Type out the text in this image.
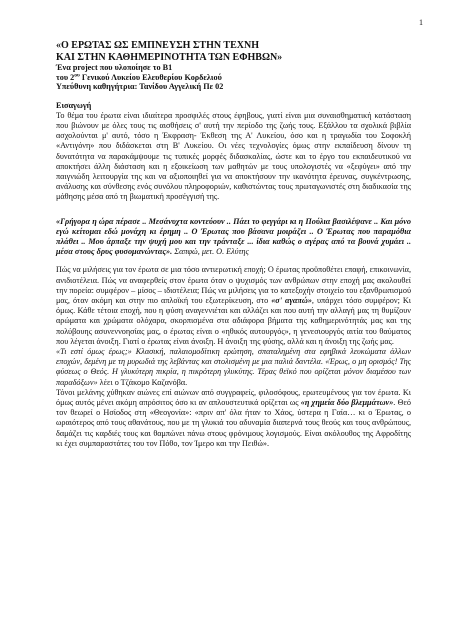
1

«Ο ΕΡΩΤΑΣ ΩΣ ΕΜΠΝΕΥΣΗ ΣΤΗΝ ΤΕΧΝΗ

ΚΑΙ ΣΤΗΝ ΚΑΘΗΜΕΡΙΝΟΤΗΤΑ ΤΩΝ ΕΦΗΒΩΝ»

Ένα project που υλοποίησε το Β1

του $2^{o\upsilon}$ Γενικού Λυκείου Ελευθερίου Κορδελιού

Υπεύθυνη καθηγήτρια: Τανίδου Αγγελική Πε 02

Εισαγωγή

Το θέμα του έρωτα είναι ιδιαίτερα προσφιλές στους έφηβους, γιατί είναι μια συναισθηματική κατάσταση που βιώνουν με όλες τους τις αισθήσεις σ' αυτή την περίοδο της ζωής τους. Εξάλλου τα σχολικά βιβλία ασχολούνται μ' αυτό, τόσο η Έκφραση- Έκθεση της Α' Λυκείου, όσο και η τραγωδία του Σοφοκλή «Αντιγόνη» που διδάσκεται στη Β' Λυκείου. Οι νέες τεχνολογίες όμως στην εκπαίδευση δίνουν τη δυνατότητα να παρακάμψουμε τις τυπικές μορφές διδασκαλίας, ώστε και το έργο του εκπαιδευτικού να αποκτήσει άλλη διάσταση και η εξοικείωση των μαθητών με τους υπολογιστές να «ξεφύγει» από την παιγνιώδη λειτουργία της και να αξιοποιηθεί για να αποκτήσουν την ικανότητα έρευνας, συγκέντρωσης, ανάλυσης και σύνθεσης ενός συνόλου πληροφοριών, καθιστώντας τους πρωταγωνιστές στη διαδικασία της μάθησης μέσα από τη βιωματική προσέγγισή της.

«Γρήγορα η ώρα πέρασε .. Μεσάνυχτα κοντεύουν .. Πάει το φεγγάρι κι η Πούλια βασιλέψανε .. Και μόνο εγώ κείτομαι εδώ μονάχη κι έρημη .. Ο Έρωτας που βάσανα μοιράζει .. Ο Έρωτας που παραμόθια πλάθει .. Μου άρπαξε την ψυχή μου και την τράνταξε ... ίδια καθώς ο αγέρας από τα βουνά χυμάει .. μέσα στους δρυς φυσομανώντας». Σαπφώ, μετ. Ο. Ελύτης

Πώς να μιλήσεις για τον έρωτα σε μια τόσο αντιερωτική εποχή; Ο έρωτας προϋποθέτει επαφή, επικοινωνία, ανιδιοτέλεια. Πώς να αναφερθείς στον έρωτα όταν ο ψυχισμός των ανθρώπων στην εποχή μας ακολουθεί την πορεία: συμφέρον – μίσος – ιδιοτέλεια; Πώς να μιλήσεις για το κατεξοχήν στοιχείο του εξανθρωπισμού μας, όταν ακόμη και στην πιο απλοϊκή του εξωτερίκευση, στο «σ' αγαπώ», υπάρχει τόσο συμφέρον; Κι όμως. Κάθε τέτοια εποχή, που η φύση αναγεννιέται και αλλάζει και που αυτή την αλλαγή μας τη θυμίζουν αρώματα και χρώματα ολόχαρα, σκορπισμένα στα αδιάφορα βήματα της καθημερινότητάς μας και της πολύβουης ασυνεννοησίας μας, ο έρωτας είναι ο «ηθικός αυτουργός», η γενεσιουργός αιτία του θαύματος που λέγεται άνοιξη. Γιατί ο έρωτας είναι άνοιξη. Η άνοιξη της φύσης, αλλά και η άνοιξη της ζωής μας.

«Τι εστί όμως έρως;» Κλασική, παλαιομοδίτικη ερώτηση, σπαταλημένη στα εφηβικά λευκώματα άλλων εποχών, δεμένη με τη μυρωδιά της λεβάντας και στολισμένη με μια παλιά δαντέλα. «Έρως, ο μη ορισμός! Της φύσεως ο Θεός. Η γλυκύτερη πικρία, η πικρότερη γλυκύτης. Τέρας θεϊκό που ορίζεται μόνον διαμέσου των παραδόξων» λέει ο Τζάκομο Καζανόβα.

Τόνοι μελάνης χύθηκαν αιώνες επί αιώνων από συγγραφείς, φιλοσόφους, ερωτευμένους για τον έρωτα. Κι όμως αυτός μένει ακόμη απρόσιτος όσο κι αν απλουστευτικά ορίζεται ως «η χημεία δύο βλεμμάτων». Θεό τον θεωρεί ο Ησίοδος στη «Θεογονία»: «πριν απ' όλα ήταν το Χάος, ύστερα η Γαία… κι ο Έρωτας, ο ωραιότερος από τους αθανάτους, που με τη γλυκιά του αδυναμία διαπερνά τους θεούς και τους ανθρώπους, δαμάζει τις καρδιές τους και θαμπώνει πάνω στους φρόνιμους λογισμούς. Είναι ακόλουθος της Αφροδίτης κι έχει συμπαραστάτες του τον Πόθο, τον Ίμερο και την Πειθώ».
